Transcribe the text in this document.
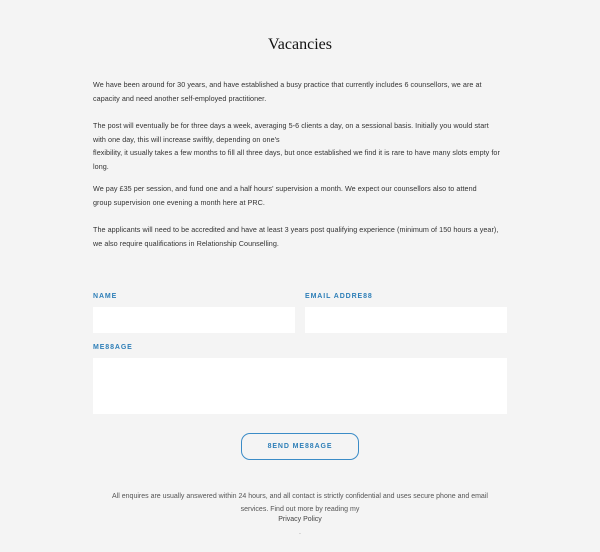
Vacancies

We have been around for 30 years, and have established a busy practice that currently includes 6 counsellors, we are at
capacity and need another self-employed practitioner.

The post will eventually be for three days a week, averaging 5-6 clients a day, on a sessional basis. Initially you would start
with one day, this will increase swiftly, depending on one's
flexibility, it usually takes a few months to fill all three days, but once established we find it is rare to have many slots empty for
long.

We pay £35 per session, and fund one and a half hours' supervision a month. We expect our counsellors also to attend
group supervision one evening a month here at PRC.

The applicants will need to be accredited and have at least 3 years post qualifying experience (minimum of 150 hours a year),
we also require qualifications in Relationship Counselling.

NAME	EMAIL ADDRE88
ME88AGE
8END ME88AGE
All enquires are usually answered within 24 hours, and all contact is strictly confidential and uses secure phone and email
services. Find out more by reading my
Privacy Policy
.
